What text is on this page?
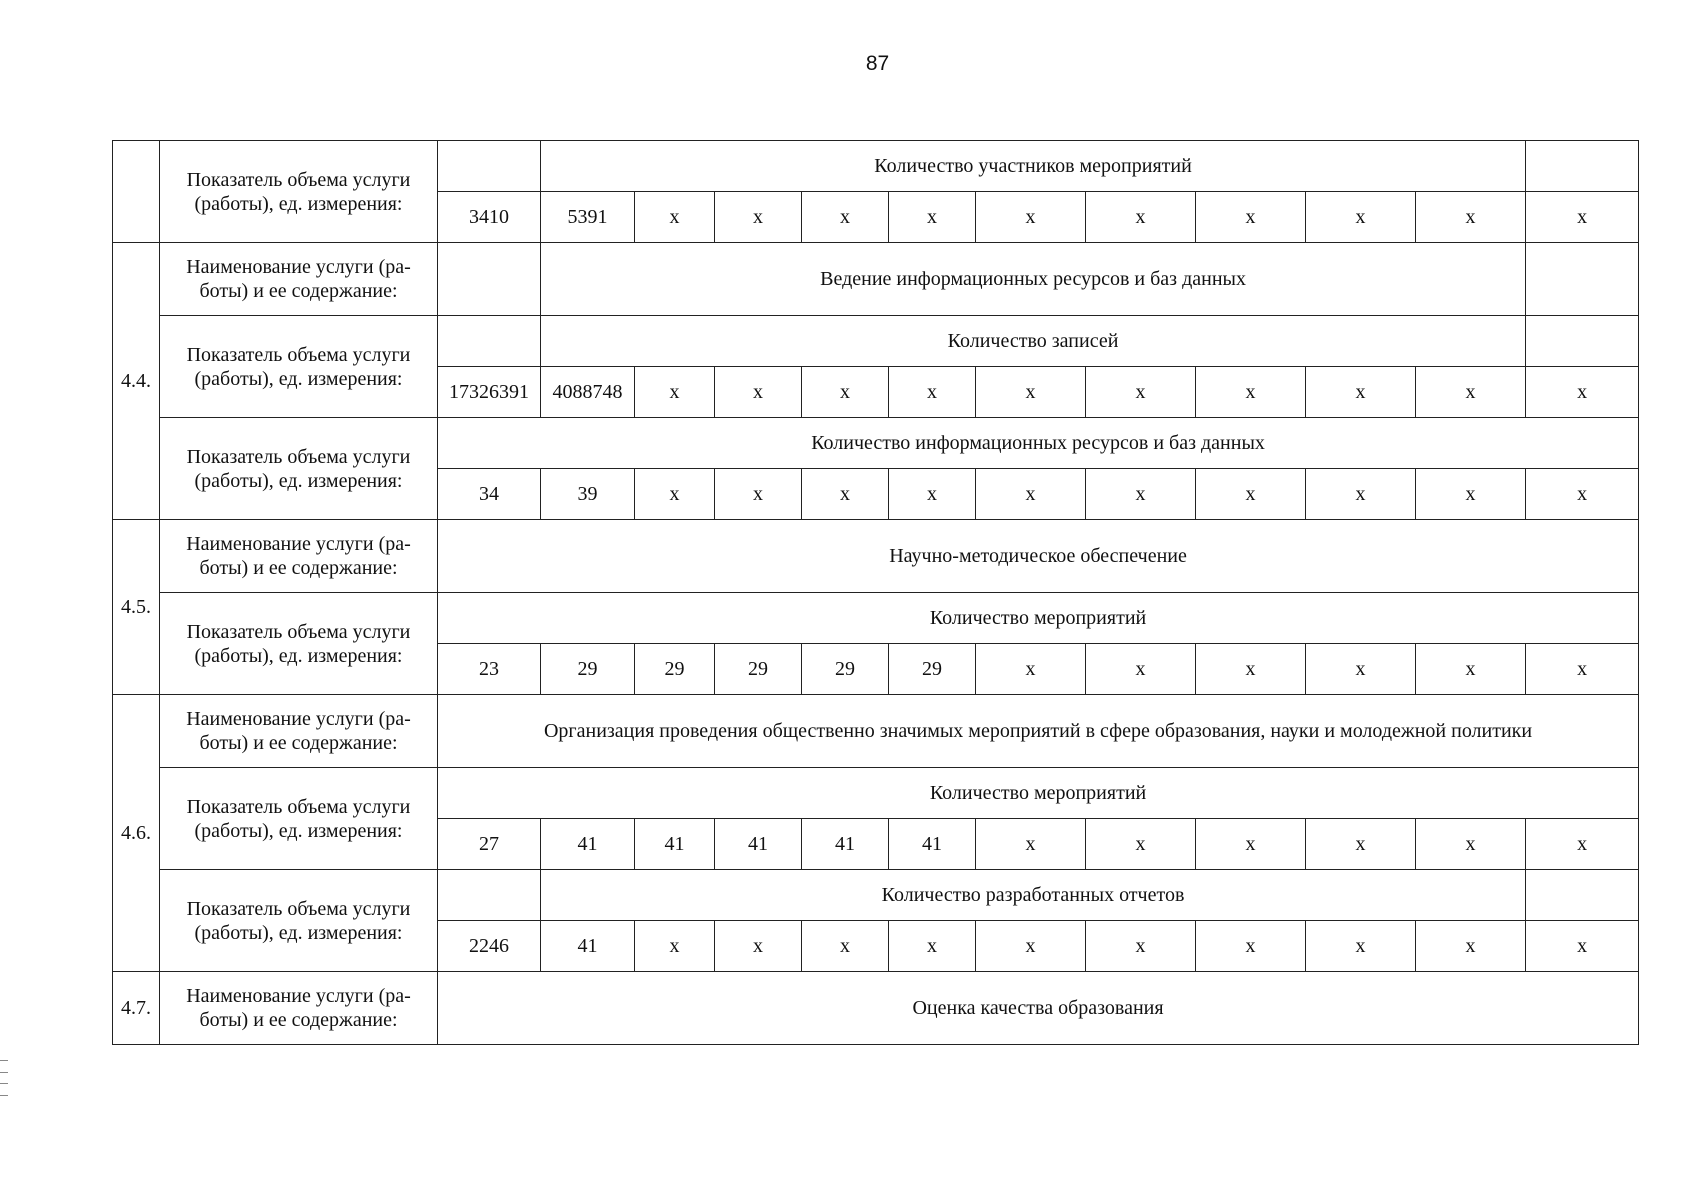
87
	Показатель объема услуги
(работы), ед. измерения:		Количество участников мероприятий										
		3410	5391	x	x	x	x	x	x	x	x	x	x
4.4.	Наименование услуги (ра-
боты) и ее содержание:		Ведение информационных ресурсов и баз данных										
	Показатель объема услуги
(работы), ед. измерения:		Количество записей										
		17326391	4088748	x	x	x	x	x	x	x	x	x	x
	Показатель объема услуги
(работы), ед. измерения:	Количество информационных ресурсов и баз данных											
		34	39	x	x	x	x	x	x	x	x	x	x
4.5.	Наименование услуги (ра-
боты) и ее содержание:	Научно-методическое обеспечение											
	Показатель объема услуги
(работы), ед. измерения:	Количество мероприятий											
		23	29	29	29	29	29	x	x	x	x	x	x
4.6.	Наименование услуги (ра-
боты) и ее содержание:	Организация проведения общественно значимых мероприятий в сфере образования, науки и молодежной политики											
	Показатель объема услуги
(работы), ед. измерения:	Количество мероприятий											
		27	41	41	41	41	41	x	x	x	x	x	x
	Показатель объема услуги
(работы), ед. измерения:		Количество разработанных отчетов										
		2246	41	x	x	x	x	x	x	x	x	x	x
4.7.	Наименование услуги (ра-
боты) и ее содержание:	Оценка качества образования											
